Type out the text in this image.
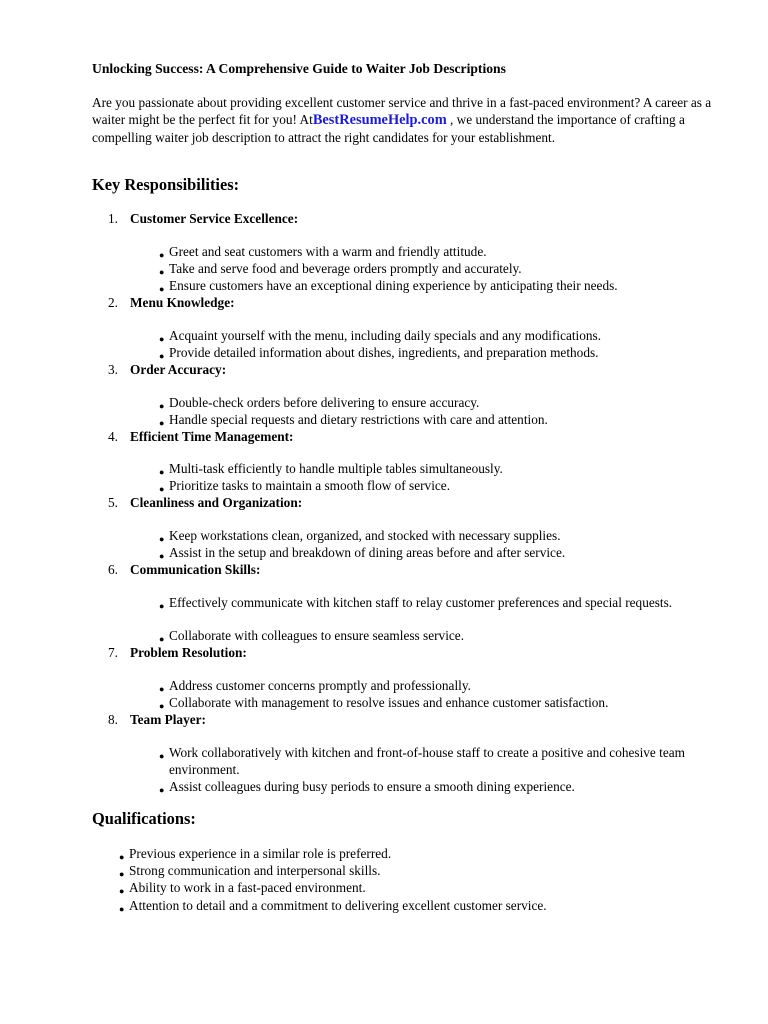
Unlocking Success: A Comprehensive Guide to Waiter Job Descriptions
Are you passionate about providing excellent customer service and thrive in a fast-paced environment? A career as a waiter might be the perfect fit for you! AtBestResumeHelp.com , we understand the importance of crafting a compelling waiter job description to attract the right candidates for your establishment.
Key Responsibilities:
1. Customer Service Excellence:
● Greet and seat customers with a warm and friendly attitude.
● Take and serve food and beverage orders promptly and accurately.
● Ensure customers have an exceptional dining experience by anticipating their needs.
2. Menu Knowledge:
● Acquaint yourself with the menu, including daily specials and any modifications.
● Provide detailed information about dishes, ingredients, and preparation methods.
3. Order Accuracy:
● Double-check orders before delivering to ensure accuracy.
● Handle special requests and dietary restrictions with care and attention.
4. Efficient Time Management:
● Multi-task efficiently to handle multiple tables simultaneously.
● Prioritize tasks to maintain a smooth flow of service.
5. Cleanliness and Organization:
● Keep workstations clean, organized, and stocked with necessary supplies.
● Assist in the setup and breakdown of dining areas before and after service.
6. Communication Skills:
● Effectively communicate with kitchen staff to relay customer preferences and special requests.
● Collaborate with colleagues to ensure seamless service.
7. Problem Resolution:
● Address customer concerns promptly and professionally.
● Collaborate with management to resolve issues and enhance customer satisfaction.
8. Team Player:
● Work collaboratively with kitchen and front-of-house staff to create a positive and cohesive team environment.
● Assist colleagues during busy periods to ensure a smooth dining experience.
Qualifications:
● Previous experience in a similar role is preferred.
● Strong communication and interpersonal skills.
● Ability to work in a fast-paced environment.
● Attention to detail and a commitment to delivering excellent customer service.
